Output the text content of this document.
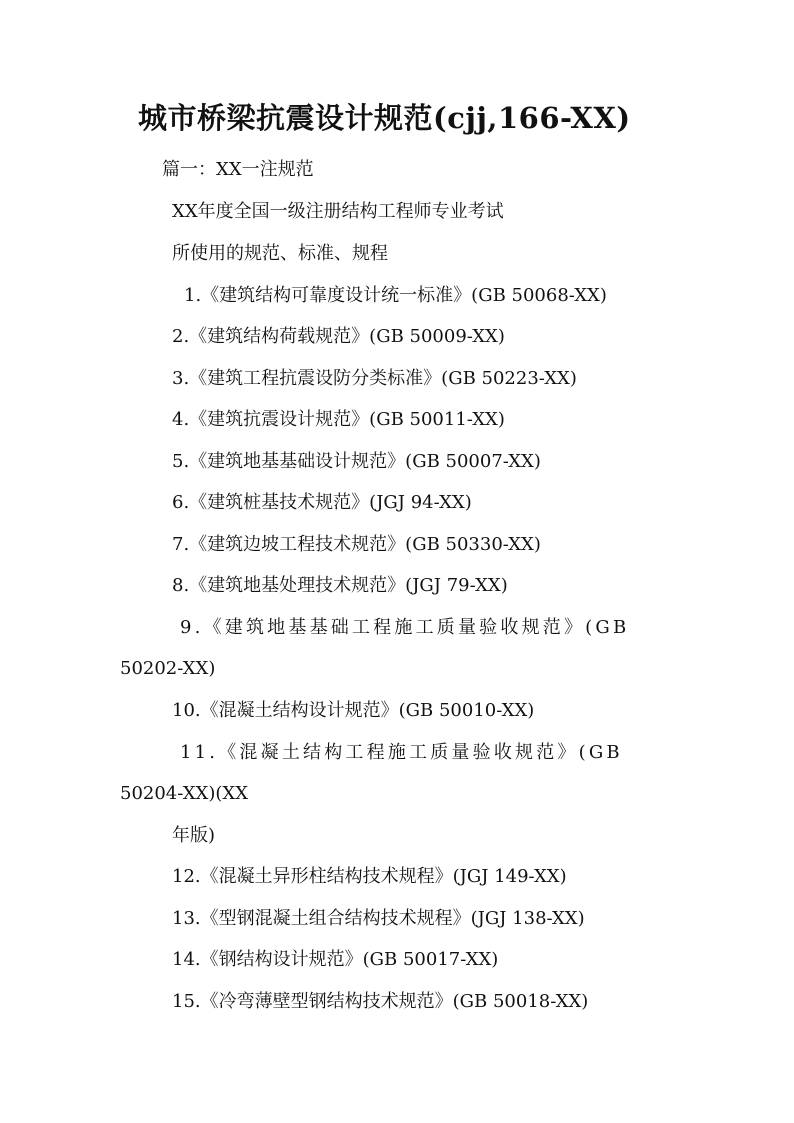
城市桥梁抗震设计规范(cjj,166-XX)
篇一：XX一注规范
XX年度全国一级注册结构工程师专业考试
所使用的规范、标准、规程
1.《建筑结构可靠度设计统一标准》(GB 50068-XX)
2.《建筑结构荷载规范》(GB 50009-XX)
3.《建筑工程抗震设防分类标准》(GB 50223-XX)
4.《建筑抗震设计规范》(GB 50011-XX)
5.《建筑地基基础设计规范》(GB 50007-XX)
6.《建筑桩基技术规范》(JGJ 94-XX)
7.《建筑边坡工程技术规范》(GB 50330-XX)
8.《建筑地基处理技术规范》(JGJ 79-XX)
9.《建筑地基基础工程施工质量验收规范》(GB
50202-XX)
10.《混凝土结构设计规范》(GB 50010-XX)
11.《混凝土结构工程施工质量验收规范》(GB
50204-XX)(XX
年版)
12.《混凝土异形柱结构技术规程》(JGJ 149-XX)
13.《型钢混凝土组合结构技术规程》(JGJ 138-XX)
14.《钢结构设计规范》(GB 50017-XX)
15.《冷弯薄壁型钢结构技术规范》(GB 50018-XX)
